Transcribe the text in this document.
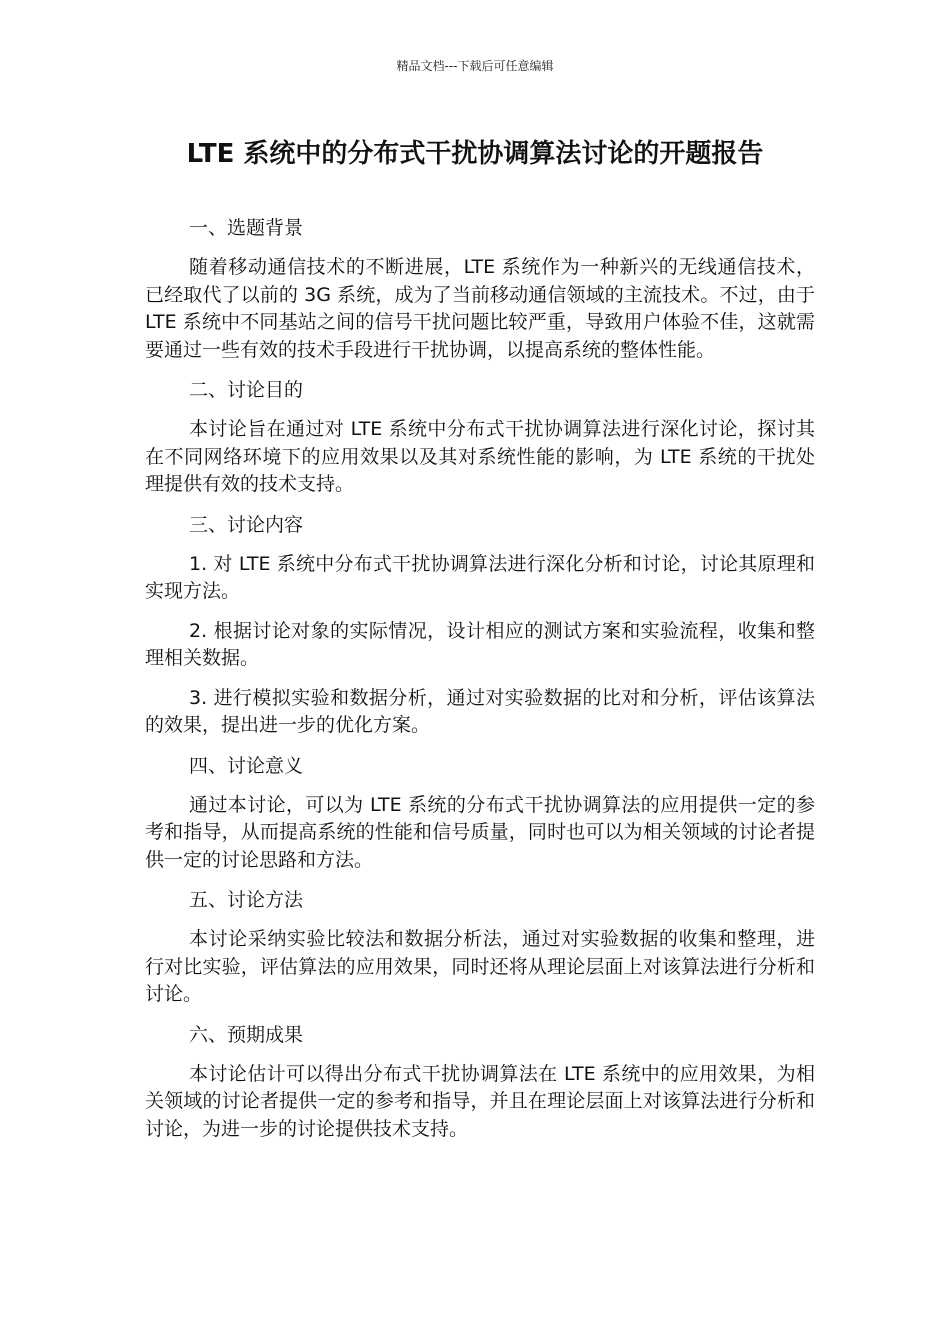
精品文档---下载后可任意编辑
LTE 系统中的分布式干扰协调算法讨论的开题报告

一、选题背景

随着移动通信技术的不断进展，LTE 系统作为一种新兴的无线通信技术，已经取代了以前的 3G 系统，成为了当前移动通信领域的主流技术。不过，由于 LTE 系统中不同基站之间的信号干扰问题比较严重，导致用户体验不佳，这就需要通过一些有效的技术手段进行干扰协调，以提高系统的整体性能。

二、讨论目的

本讨论旨在通过对 LTE 系统中分布式干扰协调算法进行深化讨论，探讨其在不同网络环境下的应用效果以及其对系统性能的影响，为 LTE 系统的干扰处理提供有效的技术支持。

三、讨论内容

1. 对 LTE 系统中分布式干扰协调算法进行深化分析和讨论，讨论其原理和实现方法。

2. 根据讨论对象的实际情况，设计相应的测试方案和实验流程，收集和整理相关数据。

3. 进行模拟实验和数据分析，通过对实验数据的比对和分析，评估该算法的效果，提出进一步的优化方案。

四、讨论意义

通过本讨论，可以为 LTE 系统的分布式干扰协调算法的应用提供一定的参考和指导，从而提高系统的性能和信号质量，同时也可以为相关领域的讨论者提供一定的讨论思路和方法。

五、讨论方法

本讨论采纳实验比较法和数据分析法，通过对实验数据的收集和整理，进行对比实验，评估算法的应用效果，同时还将从理论层面上对该算法进行分析和讨论。

六、预期成果

本讨论估计可以得出分布式干扰协调算法在 LTE 系统中的应用效果，为相关领域的讨论者提供一定的参考和指导，并且在理论层面上对该算法进行分析和讨论，为进一步的讨论提供技术支持。
